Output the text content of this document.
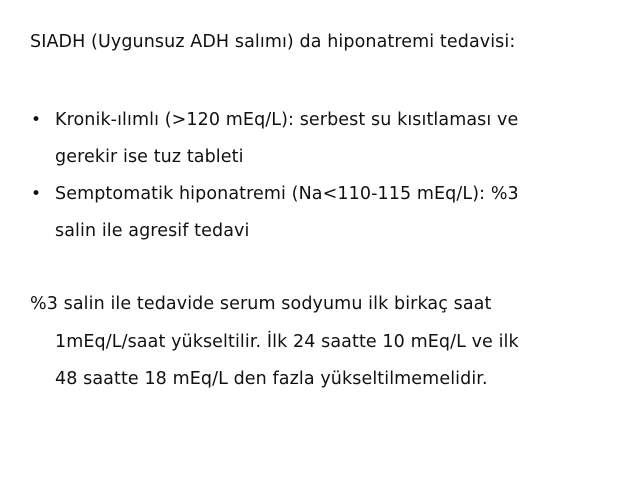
SIADH (Uygunsuz ADH salımı) da hiponatremi tedavisi:
• Kronik-ılımlı (>120 mEq/L): serbest su kısıtlaması ve
gerekir ise tuz tableti
• Semptomatik hiponatremi (Na<110-115 mEq/L): %3
salin ile agresif tedavi
%3 salin ile tedavide serum sodyumu ilk birkaç saat
1mEq/L/saat yükseltilir. İlk 24 saatte 10 mEq/L ve ilk
48 saatte 18 mEq/L den fazla yükseltilmemelidir.
